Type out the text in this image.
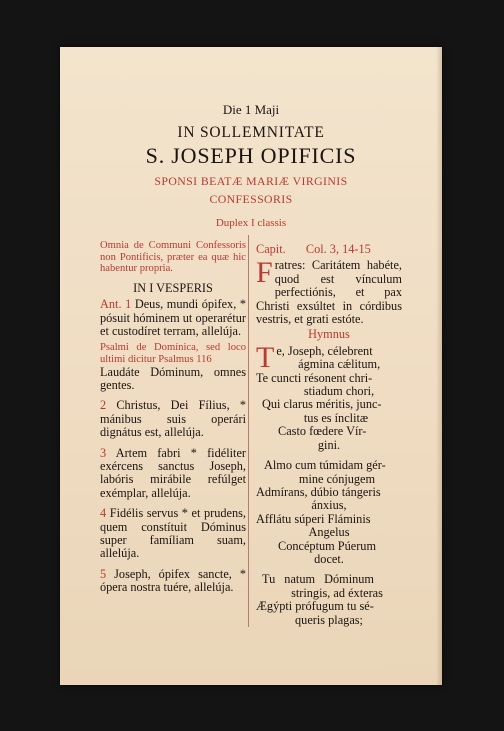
Die 1 Maji
IN SOLLEMNITATE
S. JOSEPH OPIFICIS
SPONSI BEATÆ MARIÆ VIRGINIS
CONFESSORIS
Duplex I classis

Omnia de Communi Confessoris non Pontificis, præter ea quæ hic habentur propria.

IN I VESPERIS

Ant. 1 Deus, mundi ópifex, * pósuit hóminem ut operarétur et custodíret terram, allelúja.

Psalmi de Domínica, sed loco ultimi dicitur Psalmus 116

Laudáte Dóminum, omnes gentes.

2 Christus, Dei Fílius, * mánibus suis operári dignátus est, allelúja.

3 Artem fabri * fidéliter exércens sanctus Joseph, labóris mirábile refúlget exémplar, allelúja.

4 Fidélis servus * et prudens, quem constítuit Dóminus super famíliam suam, allelúja.

5 Joseph, ópifex sancte, * ópera nostra tuére, allelúja.

Capit. Col. 3, 14-15

Fratres: Caritátem habéte, quod est vínculum perfectiónis, et pax Christi exsúltet in córdibus vestris, et grati estóte.

Hymnus

T e, Joseph, célebrent

ágmina cǽlitum,

Te cuncti résonent chri-

stiadum chori,

Qui clarus méritis, junc-

tus es ínclitæ

Casto fœdere Vír-

gini.

Almo cum túmidam gér-

mine cónjugem

Admírans, dúbio tángeris

ánxius,

Afflátu súperi Fláminis

Angelus

Concéptum Púerum

docet.

Tu natum Dóminum

stringis, ad éxteras

Ægýpti prófugum tu sé-

queris plagas;
